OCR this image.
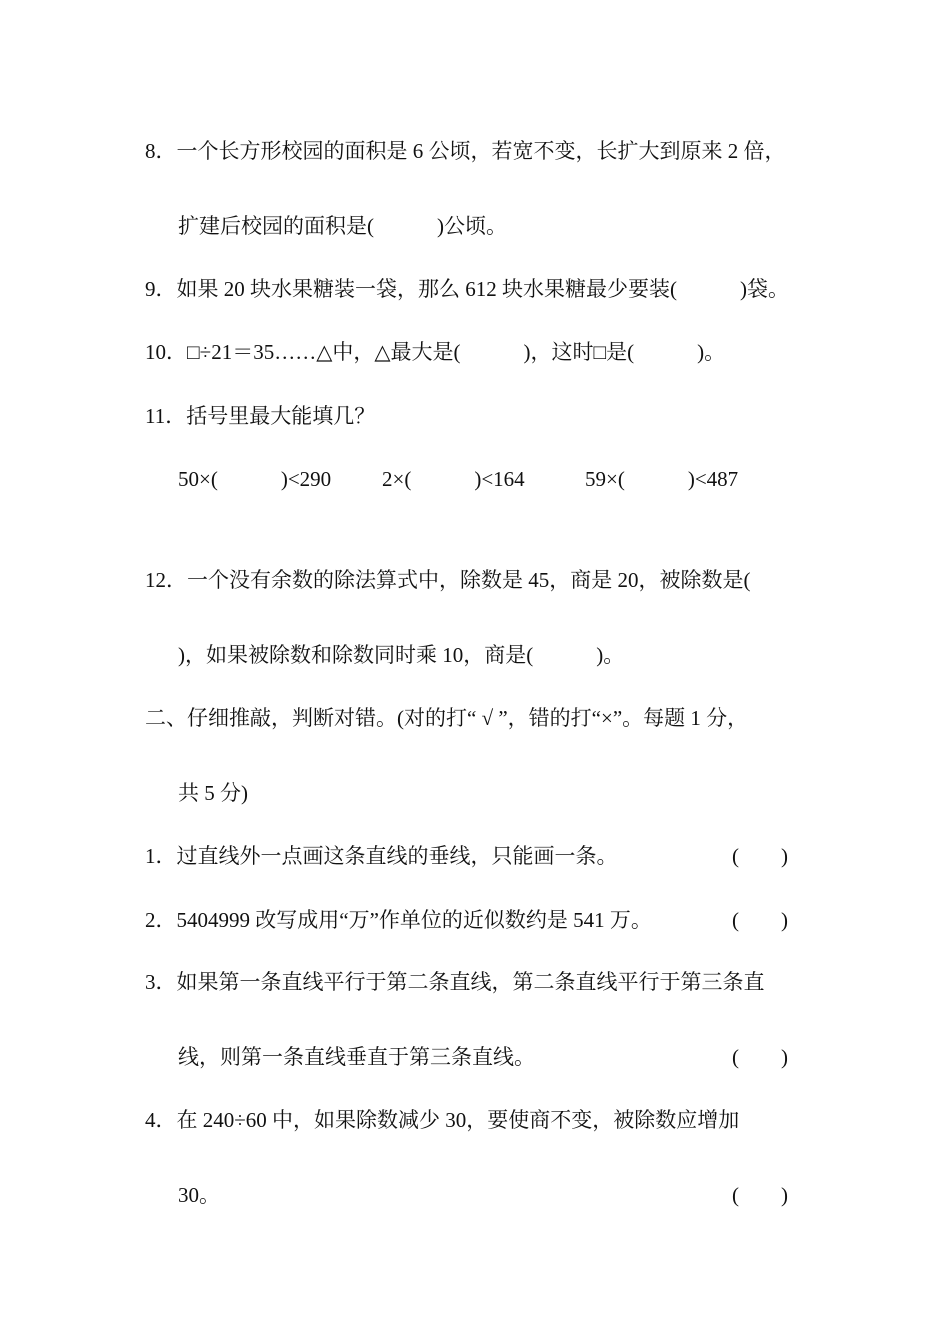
8．一个长方形校园的面积是 6 公顷，若宽不变，长扩大到原来 2 倍，
扩建后校园的面积是(            )公顷。
9．如果 20 块水果糖装一袋，那么 612 块水果糖最少要装(            )袋。
10．□÷21＝35……△中，△最大是(            )，这时□是(            )。
11．括号里最大能填几？
50×(            )<290 2×(            )<164	59×(            )<487
12．一个没有余数的除法算式中，除数是 45，商是 20，被除数是(
)，如果被除数和除数同时乘 10，商是(            )。
二、仔细推敲，判断对错。(对的打“ √ ”，错的打“×”。每题 1 分，
共 5 分)
1．过直线外一点画这条直线的垂线，只能画一条。	(        )
2．5404999 改写成用“万”作单位的近似数约是 541 万。	(        )
3．如果第一条直线平行于第二条直线，第二条直线平行于第三条直
线，则第一条直线垂直于第三条直线。	(        )
4．在 240÷60 中，如果除数减少 30，要使商不变，被除数应增加
30。	(        )
